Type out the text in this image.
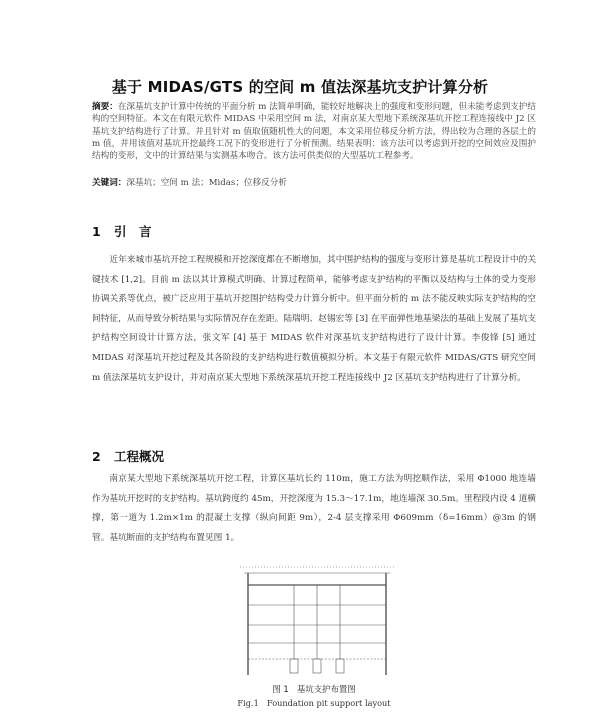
基于 MIDAS/GTS 的空间 m 值法深基坑支护计算分析
摘要：在深基坑支护计算中传统的平面分析 m 法简单明确，能较好地解决上的强度和变形问题，但未能考虑到支护结构的空间特征。本文在有限元软件 MIDAS 中采用空间 m 法，对南京某大型地下系统深基坑开挖工程连接线中 J2 区基坑支护结构进行了计算。并且针对 m 值取值随机性大的问题，本文采用位移反分析方法，得出较为合理的各层土的 m 值，并用该值对基坑开挖最终工况下的变形进行了分析预测。结果表明：该方法可以考虑到开挖的空间效应及围护结构的变形，文中的计算结果与实测基本吻合。该方法可供类似的大型基坑工程参考。
关键词：深基坑；空间 m 法；Midas；位移反分析
1 引　言
近年来城市基坑开挖工程规模和开挖深度都在不断增加，其中围护结构的强度与变形计算是基坑工程设计中的关键技术 [1,2]。目前 m 法以其计算模式明确、计算过程简单，能够考虑支护结构的平衡以及结构与土体的受力变形协调关系等优点，被广泛应用于基坑开挖围护结构受力计算分析中。但平面分析的 m 法不能反映实际支护结构的空间特征，从而导致分析结果与实际情况存在差距。陆瑞明、赵锡宏等 [3] 在平面弹性地基梁法的基础上发展了基坑支护结构空间设计计算方法，张文军 [4] 基于 MIDAS 软件对深基坑支护结构进行了设计计算。李俊锋 [5] 通过 MIDAS 对深基坑开挖过程及其各阶段的支护结构进行数值模拟分析。本文基于有限元软件 MIDAS/GTS 研究空间 m 值法深基坑支护设计，并对南京某大型地下系统深基坑开挖工程连接线中 J2 区基坑支护结构进行了计算分析。
2 工程概况
南京某大型地下系统深基坑开挖工程，计算区基坑长约 110m，施工方法为明挖顺作法，采用 Φ1000 地连墙作为基坑开挖时的支护结构。基坑跨度约 45m，开挖深度为 15.3～17.1m，地连墙深 30.5m。里程段内设 4 道横撑，第一道为 1.2m×1m 的混凝土支撑（纵向间距 9m），2-4 层支撑采用 Φ609mm（δ=16mm）@3m 的钢管。基坑断面的支护结构布置见图 1。
图 1　基坑支护布置图
Fig.1　Foundation pit support layout
